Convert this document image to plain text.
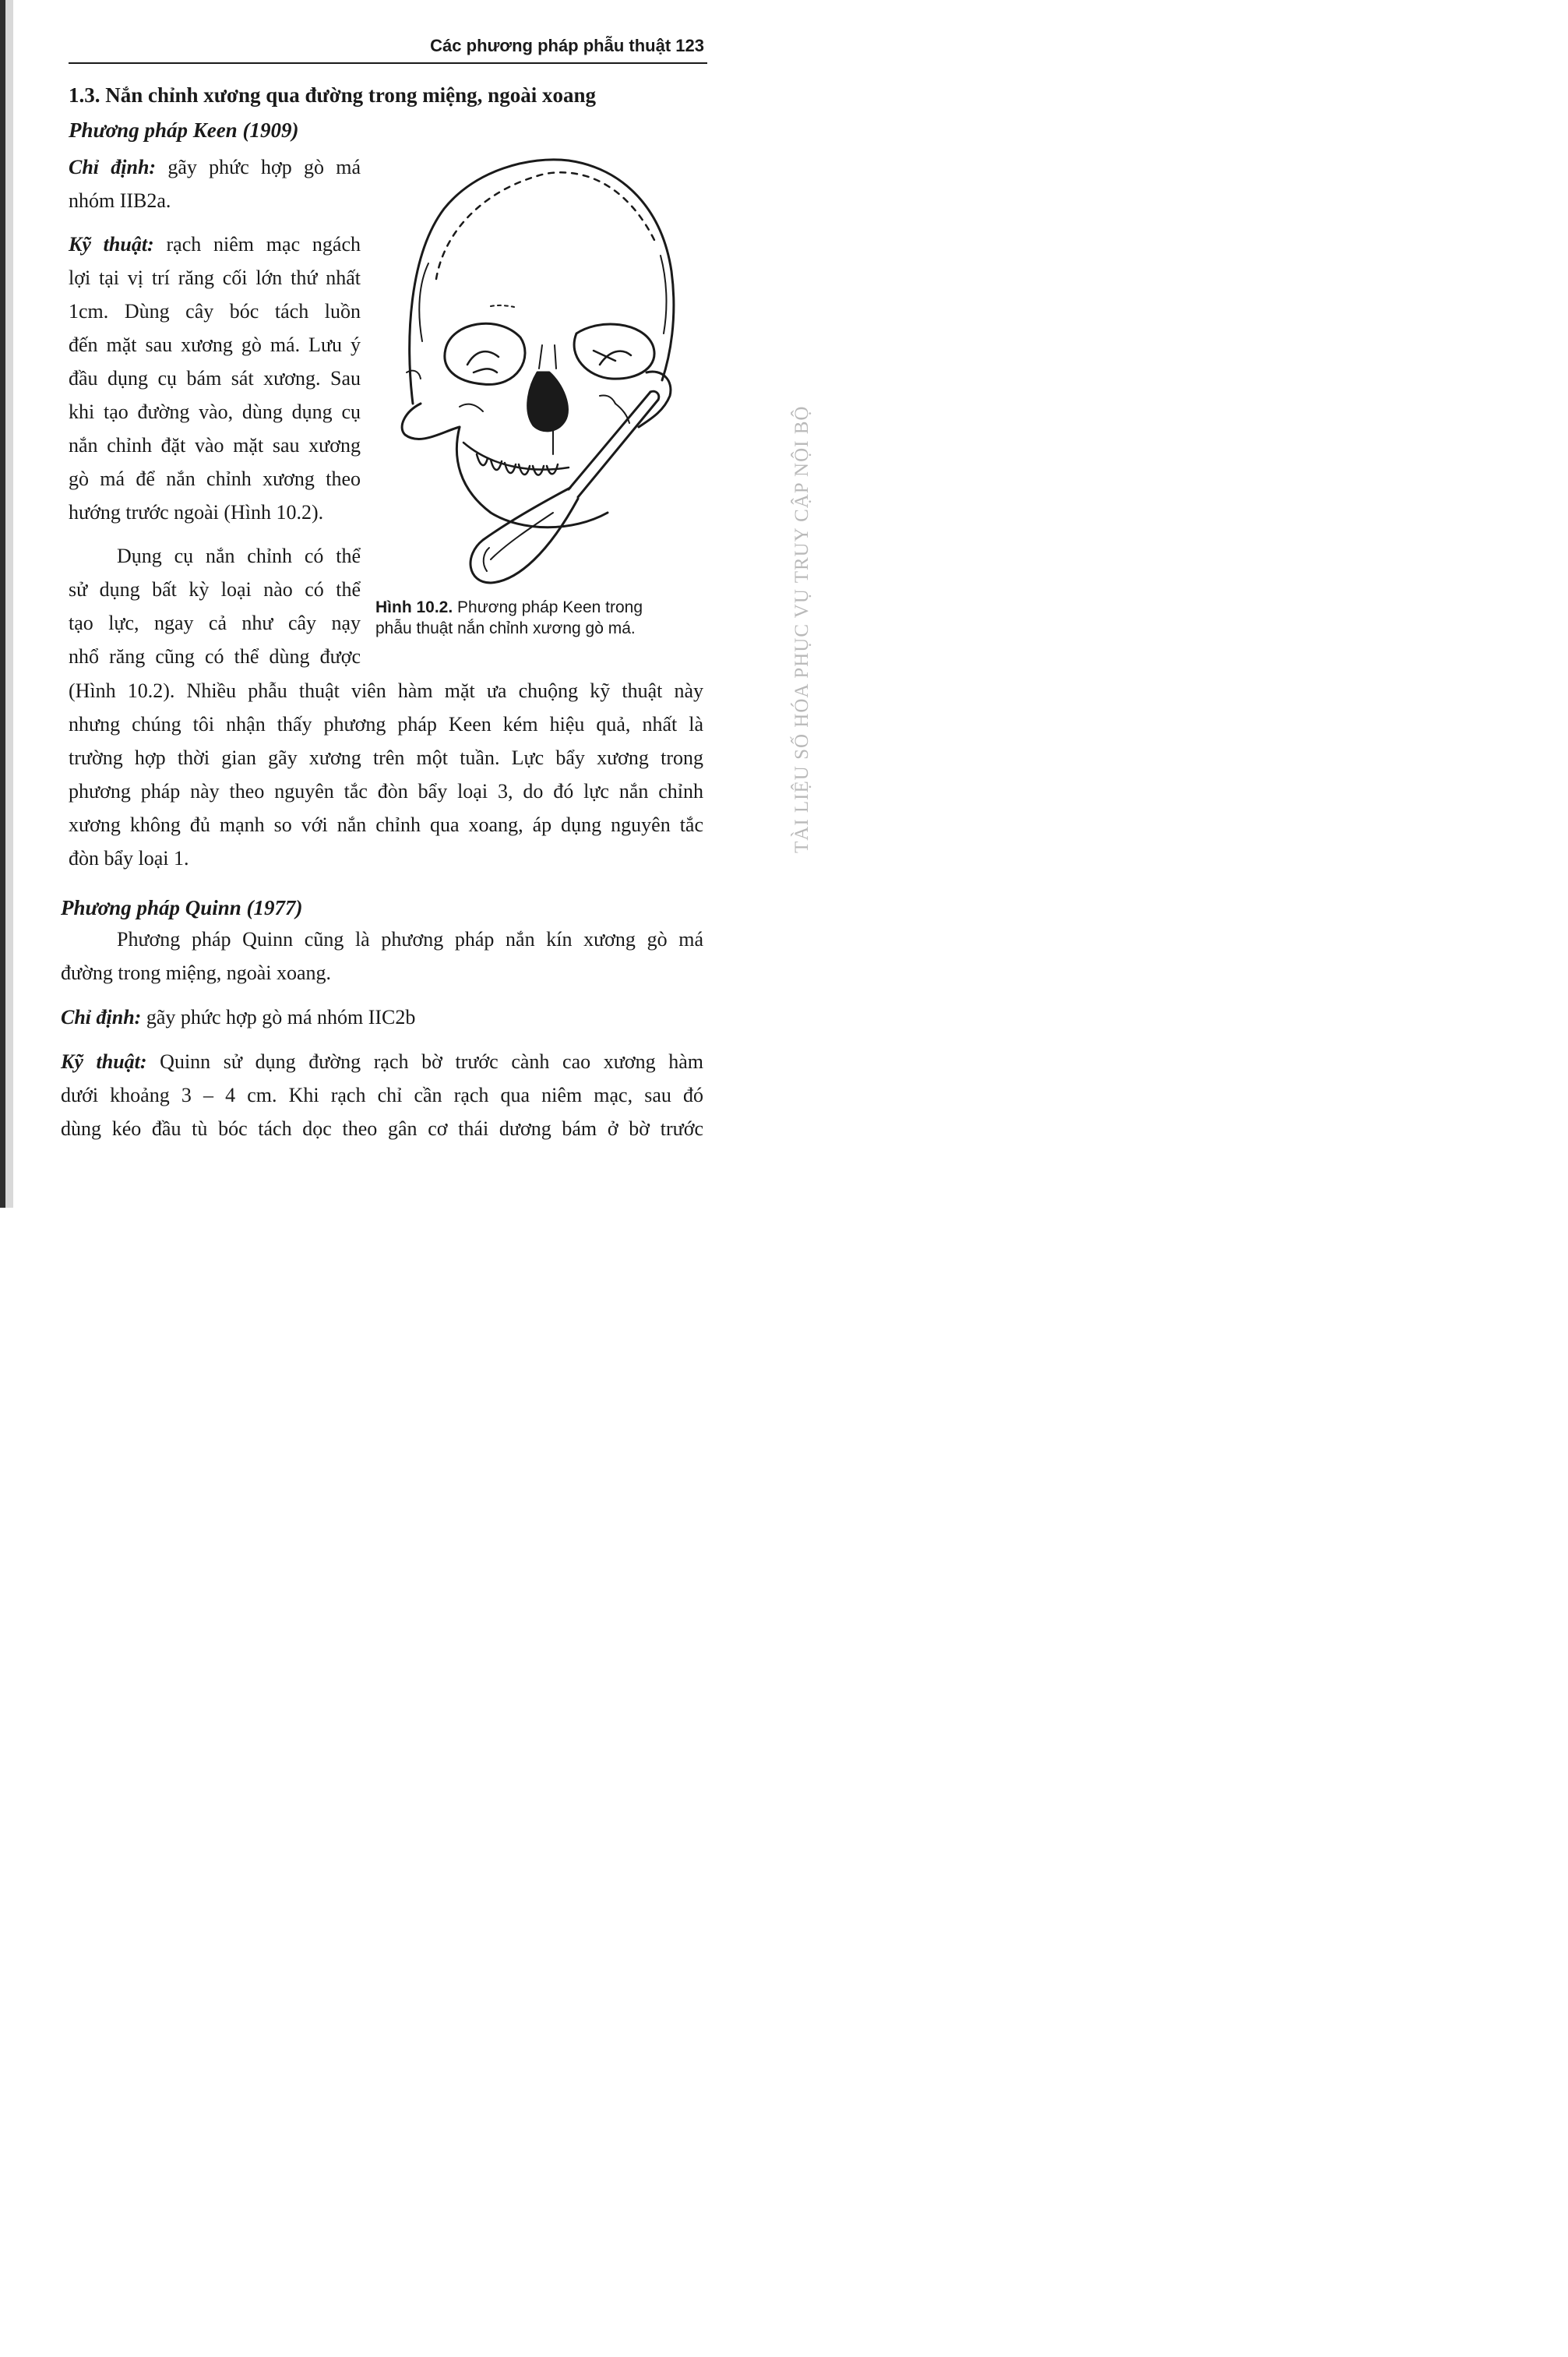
Các phương pháp phẫu thuật 123
1.3. Nắn chỉnh xương qua đường trong miệng, ngoài xoang
Phương pháp Keen (1909)
Chỉ định: gãy phức hợp gò má
nhóm IIB2a.
Kỹ thuật: rạch niêm mạc ngách
lợi tại vị trí răng cối lớn thứ nhất
1cm. Dùng cây bóc tách luồn
đến mặt sau xương gò má. Lưu ý
đầu dụng cụ bám sát xương. Sau
khi tạo đường vào, dùng dụng cụ
nắn chỉnh đặt vào mặt sau xương
gò má để nắn chỉnh xương theo
hướng trước ngoài (Hình 10.2).
Dụng cụ nắn chỉnh có thể
sử dụng bất kỳ loại nào có thể
tạo lực, ngay cả như cây nạy
nhổ răng cũng có thể dùng được
(Hình 10.2). Nhiều phẫu thuật viên hàm mặt ưa chuộng kỹ thuật này
nhưng chúng tôi nhận thấy phương pháp Keen kém hiệu quả, nhất là
trường hợp thời gian gãy xương trên một tuần. Lực bẩy xương trong
phương pháp này theo nguyên tắc đòn bẩy loại 3, do đó lực nắn chỉnh
xương không đủ mạnh so với nắn chỉnh qua xoang, áp dụng nguyên tắc
đòn bẩy loại 1.
Hình 10.2. Phương pháp Keen trong
phẫu thuật nắn chỉnh xương gò má.
Phương pháp Quinn (1977)
Phương pháp Quinn cũng là phương pháp nắn kín xương gò má
đường trong miệng, ngoài xoang.
Chỉ định: gãy phức hợp gò má nhóm IIC2b
Kỹ thuật: Quinn sử dụng đường rạch bờ trước cành cao xương hàm
dưới khoảng 3 – 4 cm. Khi rạch chỉ cần rạch qua niêm mạc, sau đó
dùng kéo đầu tù bóc tách dọc theo gân cơ thái dương bám ở bờ trước
TÀI LIỆU SỐ HÓA PHỤC VỤ TRUY CẬP NỘI BỘ
